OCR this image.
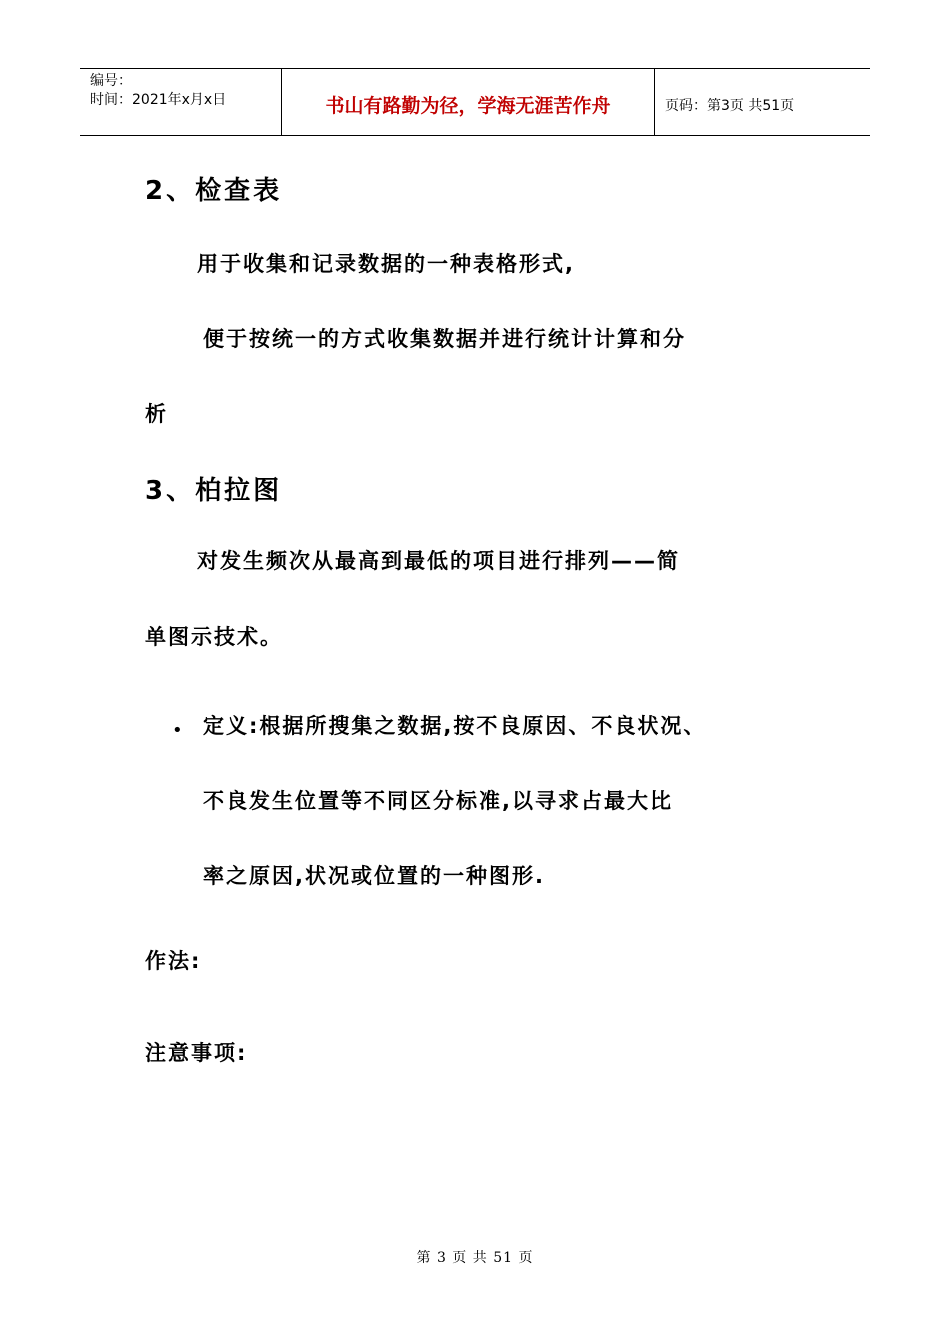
编号：
时间：2021年x月x日	书山有路勤为径，学海无涯苦作舟	页码：第3页 共51页
2、检查表
用于收集和记录数据的一种表格形式,
便于按统一的方式收集数据并进行统计计算和分
析
3、柏拉图
对发生频次从最高到最低的项目进行排列——简
单图示技术。
• 定义:根据所搜集之数据,按不良原因、不良状况、
不良发生位置等不同区分标准,以寻求占最大比
率之原因,状况或位置的一种图形.
作法:
注意事项:
第 3 页 共 51 页
